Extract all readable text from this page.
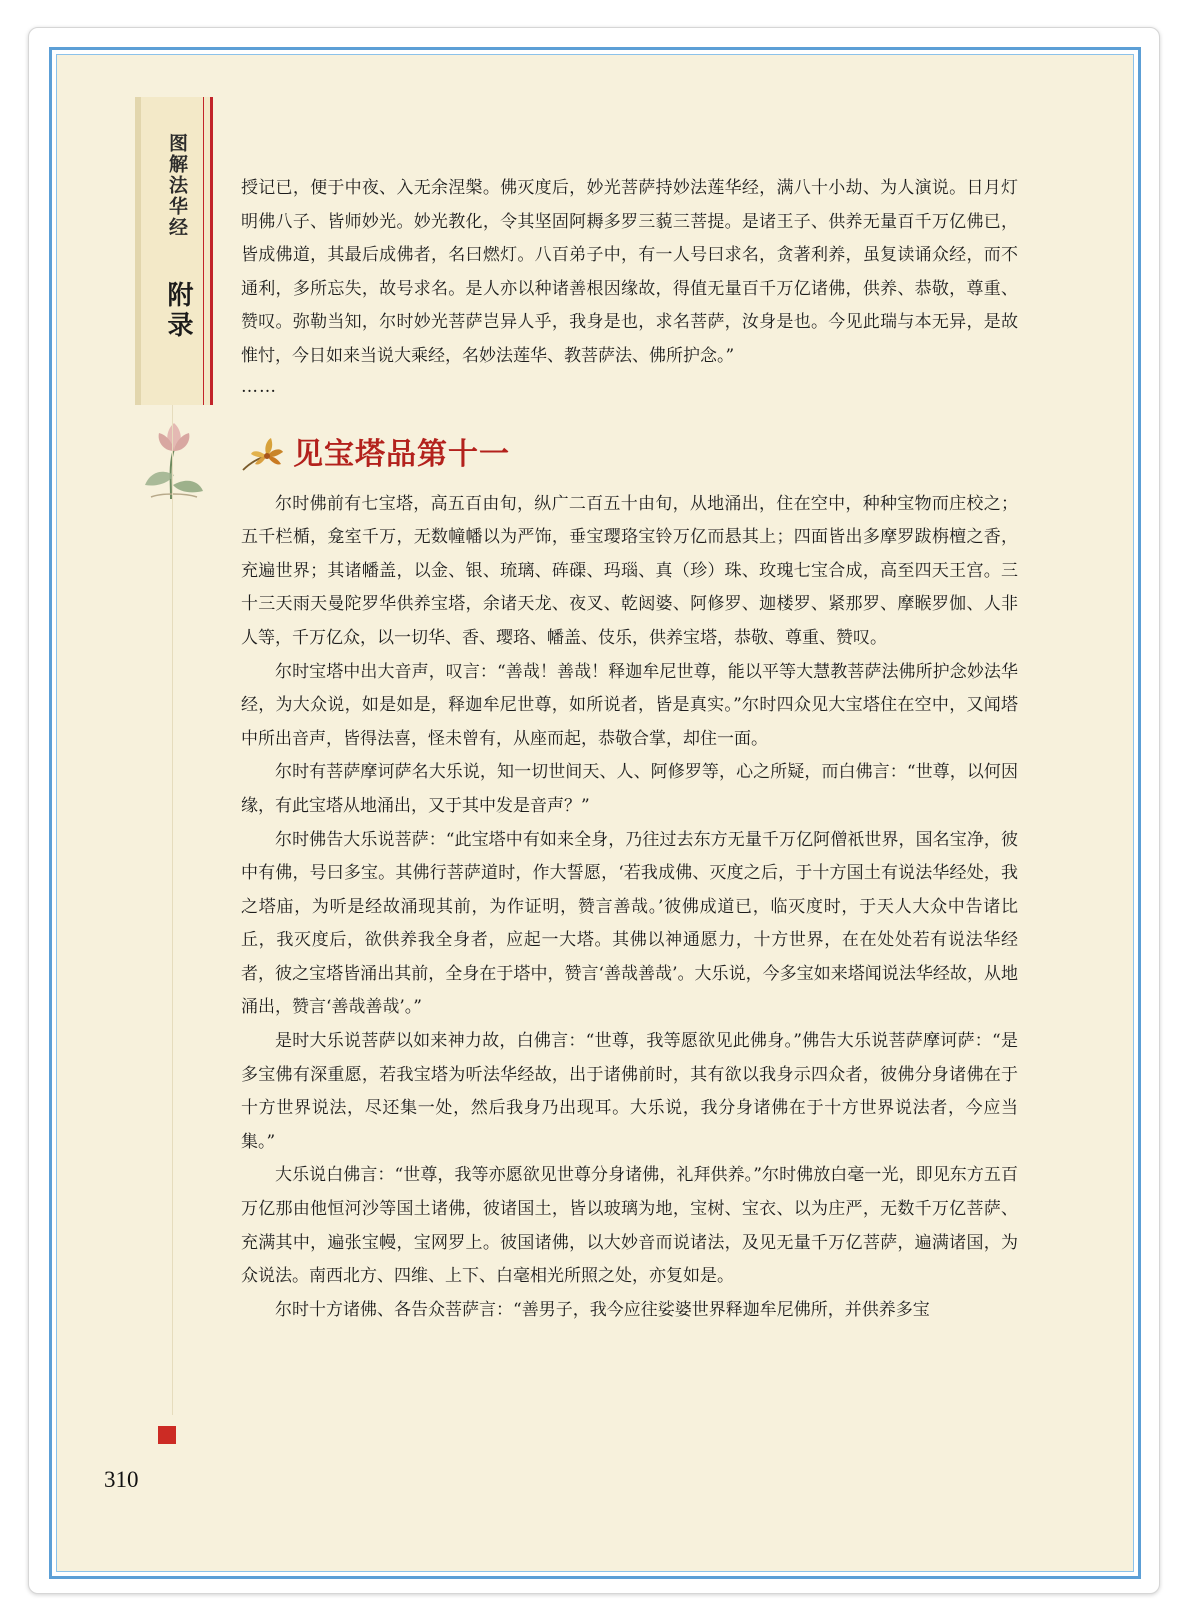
图解法华经
附录

授记已，便于中夜、入无余涅槃。佛灭度后，妙光菩萨持妙法莲华经，满八十小劫、为人演说。日月灯明佛八子、皆师妙光。妙光教化，令其坚固阿耨多罗三藐三菩提。是诸王子、供养无量百千万亿佛已，皆成佛道，其最后成佛者，名曰燃灯。八百弟子中，有一人号曰求名，贪著利养，虽复读诵众经，而不通利，多所忘失，故号求名。是人亦以种诸善根因缘故，得值无量百千万亿诸佛，供养、恭敬，尊重、赞叹。弥勒当知，尔时妙光菩萨岂异人乎，我身是也，求名菩萨，汝身是也。今见此瑞与本无异，是故惟忖，今日如来当说大乘经，名妙法莲华、教菩萨法、佛所护念。”

……

见宝塔品第十一

尔时佛前有七宝塔，高五百由旬，纵广二百五十由旬，从地涌出，住在空中，种种宝物而庄校之；五千栏楯，龛室千万，无数幢幡以为严饰，垂宝璎珞宝铃万亿而悬其上；四面皆出多摩罗跋栴檀之香，充遍世界；其诸幡盖，以金、银、琉璃、砗磲、玛瑙、真（珍）珠、玫瑰七宝合成，高至四天王宫。三十三天雨天曼陀罗华供养宝塔，余诸天龙、夜叉、乾闼婆、阿修罗、迦楼罗、紧那罗、摩睺罗伽、人非人等，千万亿众，以一切华、香、璎珞、幡盖、伎乐，供养宝塔，恭敬、尊重、赞叹。

尔时宝塔中出大音声，叹言：“善哉！善哉！释迦牟尼世尊，能以平等大慧教菩萨法佛所护念妙法华经，为大众说，如是如是，释迦牟尼世尊，如所说者，皆是真实。”尔时四众见大宝塔住在空中，又闻塔中所出音声，皆得法喜，怪未曾有，从座而起，恭敬合掌，却住一面。

尔时有菩萨摩诃萨名大乐说，知一切世间天、人、阿修罗等，心之所疑，而白佛言：“世尊，以何因缘，有此宝塔从地涌出，又于其中发是音声？”

尔时佛告大乐说菩萨：“此宝塔中有如来全身，乃往过去东方无量千万亿阿僧祇世界，国名宝净，彼中有佛，号曰多宝。其佛行菩萨道时，作大誓愿，‘若我成佛、灭度之后，于十方国土有说法华经处，我之塔庙，为听是经故涌现其前，为作证明，赞言善哉。’彼佛成道已，临灭度时，于天人大众中告诸比丘，我灭度后，欲供养我全身者，应起一大塔。其佛以神通愿力，十方世界，在在处处若有说法华经者，彼之宝塔皆涌出其前，全身在于塔中，赞言‘善哉善哉’。大乐说，今多宝如来塔闻说法华经故，从地涌出，赞言‘善哉善哉’。”

是时大乐说菩萨以如来神力故，白佛言：“世尊，我等愿欲见此佛身。”佛告大乐说菩萨摩诃萨：“是多宝佛有深重愿，若我宝塔为听法华经故，出于诸佛前时，其有欲以我身示四众者，彼佛分身诸佛在于十方世界说法，尽还集一处，然后我身乃出现耳。大乐说，我分身诸佛在于十方世界说法者，今应当集。”

大乐说白佛言：“世尊，我等亦愿欲见世尊分身诸佛，礼拜供养。”尔时佛放白毫一光，即见东方五百万亿那由他恒河沙等国土诸佛，彼诸国土，皆以玻璃为地，宝树、宝衣、以为庄严，无数千万亿菩萨、充满其中，遍张宝幔，宝网罗上。彼国诸佛，以大妙音而说诸法，及见无量千万亿菩萨，遍满诸国，为众说法。南西北方、四维、上下、白毫相光所照之处，亦复如是。

尔时十方诸佛、各告众菩萨言：“善男子，我今应往娑婆世界释迦牟尼佛所，并供养多宝

310
